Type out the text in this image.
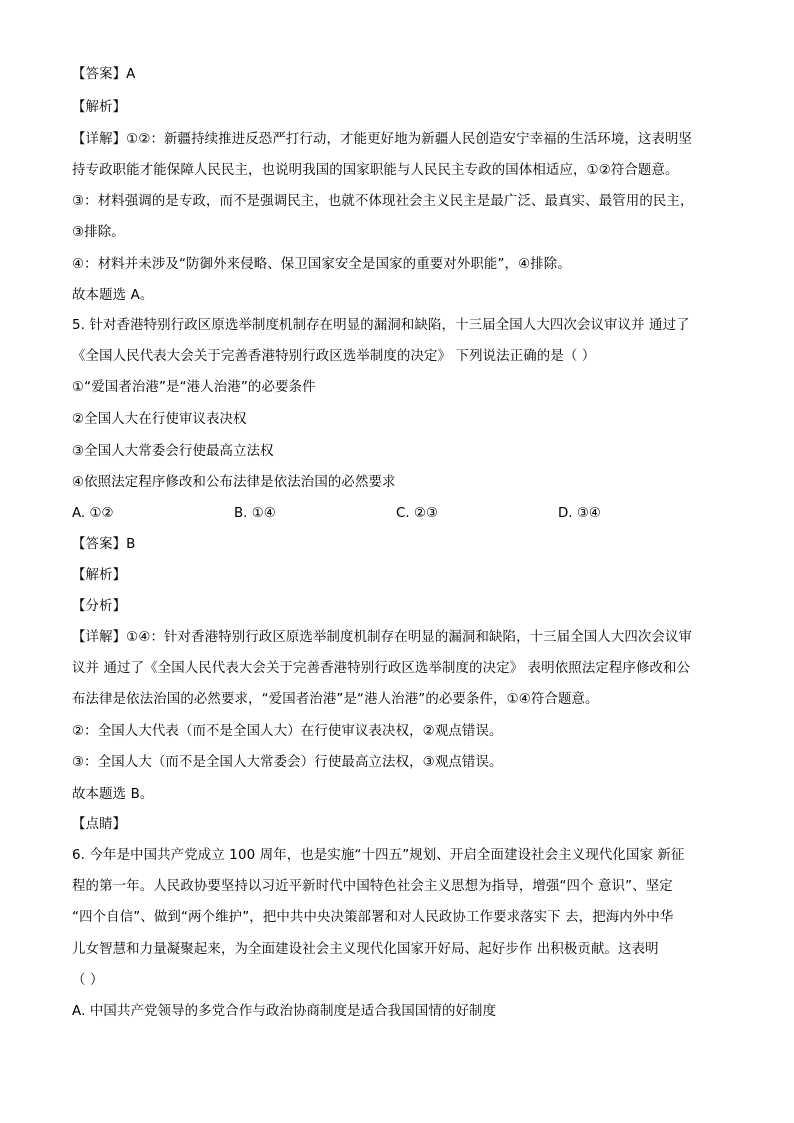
【答案】A
【解析】
【详解】①②：新疆持续推进反恐严打行动，才能更好地为新疆人民创造安宁幸福的生活环境，这表明坚
持专政职能才能保障人民民主，也说明我国的国家职能与人民民主专政的国体相适应，①②符合题意。
③：材料强调的是专政，而不是强调民主，也就不体现社会主义民主是最广泛、最真实、最管用的民主，
③排除。
④：材料并未涉及“防御外来侵略、保卫国家安全是国家的重要对外职能”，④排除。
故本题选 A。
5. 针对香港特别行政区原选举制度机制存在明显的漏洞和缺陷，十三届全国人大四次会议审议并 通过了
《全国人民代表大会关于完善香港特别行政区选举制度的决定》 下列说法正确的是（ ）
①“爱国者治港”是“港人治港”的必要条件
②全国人大在行使审议表决权
③全国人大常委会行使最高立法权
④依照法定程序修改和公布法律是依法治国的必然要求
A. ①②	B. ①④	C. ②③	D. ③④
【答案】B
【解析】
【分析】
【详解】①④：针对香港特别行政区原选举制度机制存在明显的漏洞和缺陷，十三届全国人大四次会议审
议并 通过了《全国人民代表大会关于完善香港特别行政区选举制度的决定》 表明依照法定程序修改和公
布法律是依法治国的必然要求，“爱国者治港”是“港人治港”的必要条件，①④符合题意。
②：全国人大代表（而不是全国人大）在行使审议表决权，②观点错误。
③：全国人大（而不是全国人大常委会）行使最高立法权，③观点错误。
故本题选 B。
【点睛】
6. 今年是中国共产党成立 100 周年，也是实施“十四五”规划、开启全面建设社会主义现代化国家 新征
程的第一年。人民政协要坚持以习近平新时代中国特色社会主义思想为指导，增强“四个 意识”、坚定
“四个自信”、做到“两个维护”，把中共中央决策部署和对人民政协工作要求落实下 去，把海内外中华
儿女智慧和力量凝聚起来，为全面建设社会主义现代化国家开好局、起好步作 出积极贡献。这表明
（ ）
A. 中国共产党领导的多党合作与政治协商制度是适合我国国情的好制度
